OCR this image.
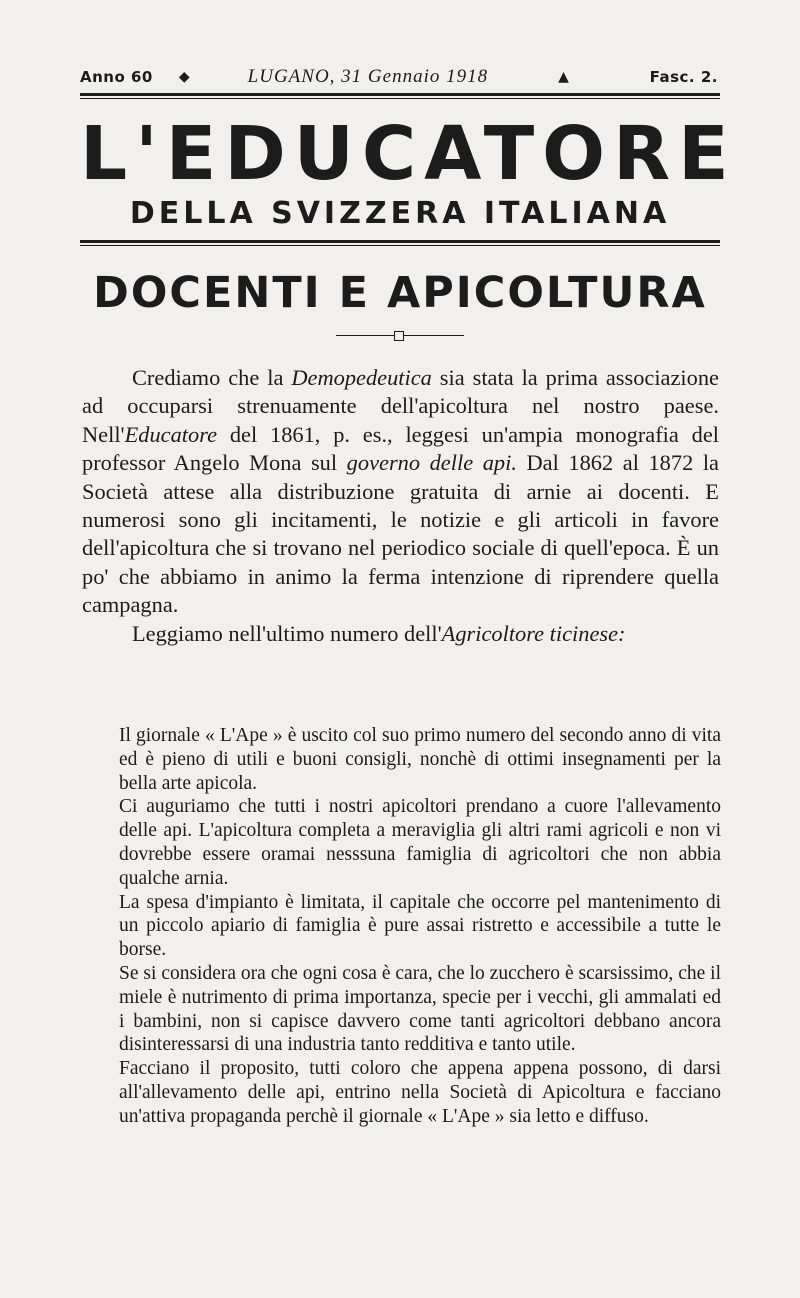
Anno 60 ◆	LUGANO, 31 Gennaio 1918	▲	Fasc. 2.
L'EDUCATORE
DELLA SVIZZERA ITALIANA
DOCENTI E APICOLTURA

Crediamo che la Demopedeutica sia stata la prima associazione ad occuparsi strenuamente dell'apicoltura nel nostro paese. Nell'Educatore del 1861, p. es., leggesi un'ampia monografia del professor Angelo Mona sul governo delle api. Dal 1862 al 1872 la Società attese alla distribuzione gratuita di arnie ai docenti. E numerosi sono gli incitamenti, le notizie e gli articoli in favore dell'apicoltura che si trovano nel periodico sociale di quell'epoca. È un po' che abbiamo in animo la ferma intenzione di riprendere quella campagna.

Leggiamo nell'ultimo numero dell'Agricoltore ticinese:

Il giornale « L'Ape » è uscito col suo primo numero del secondo anno di vita ed è pieno di utili e buoni consigli, nonchè di ottimi insegnamenti per la bella arte apicola.

Ci auguriamo che tutti i nostri apicoltori prendano a cuore l'allevamento delle api. L'apicoltura completa a meraviglia gli altri rami agricoli e non vi dovrebbe essere oramai nesssuna famiglia di agricoltori che non abbia qualche arnia.

La spesa d'impianto è limitata, il capitale che occorre pel mantenimento di un piccolo apiario di famiglia è pure assai ristretto e accessibile a tutte le borse.

Se si considera ora che ogni cosa è cara, che lo zucchero è scarsissimo, che il miele è nutrimento di prima importanza, specie per i vecchi, gli ammalati ed i bambini, non si capisce davvero come tanti agricoltori debbano ancora disinteressarsi di una industria tanto redditiva e tanto utile.

Facciano il proposito, tutti coloro che appena appena possono, di darsi all'allevamento delle api, entrino nella Società di Apicoltura e facciano un'attiva propaganda perchè il giornale « L'Ape » sia letto e diffuso.
